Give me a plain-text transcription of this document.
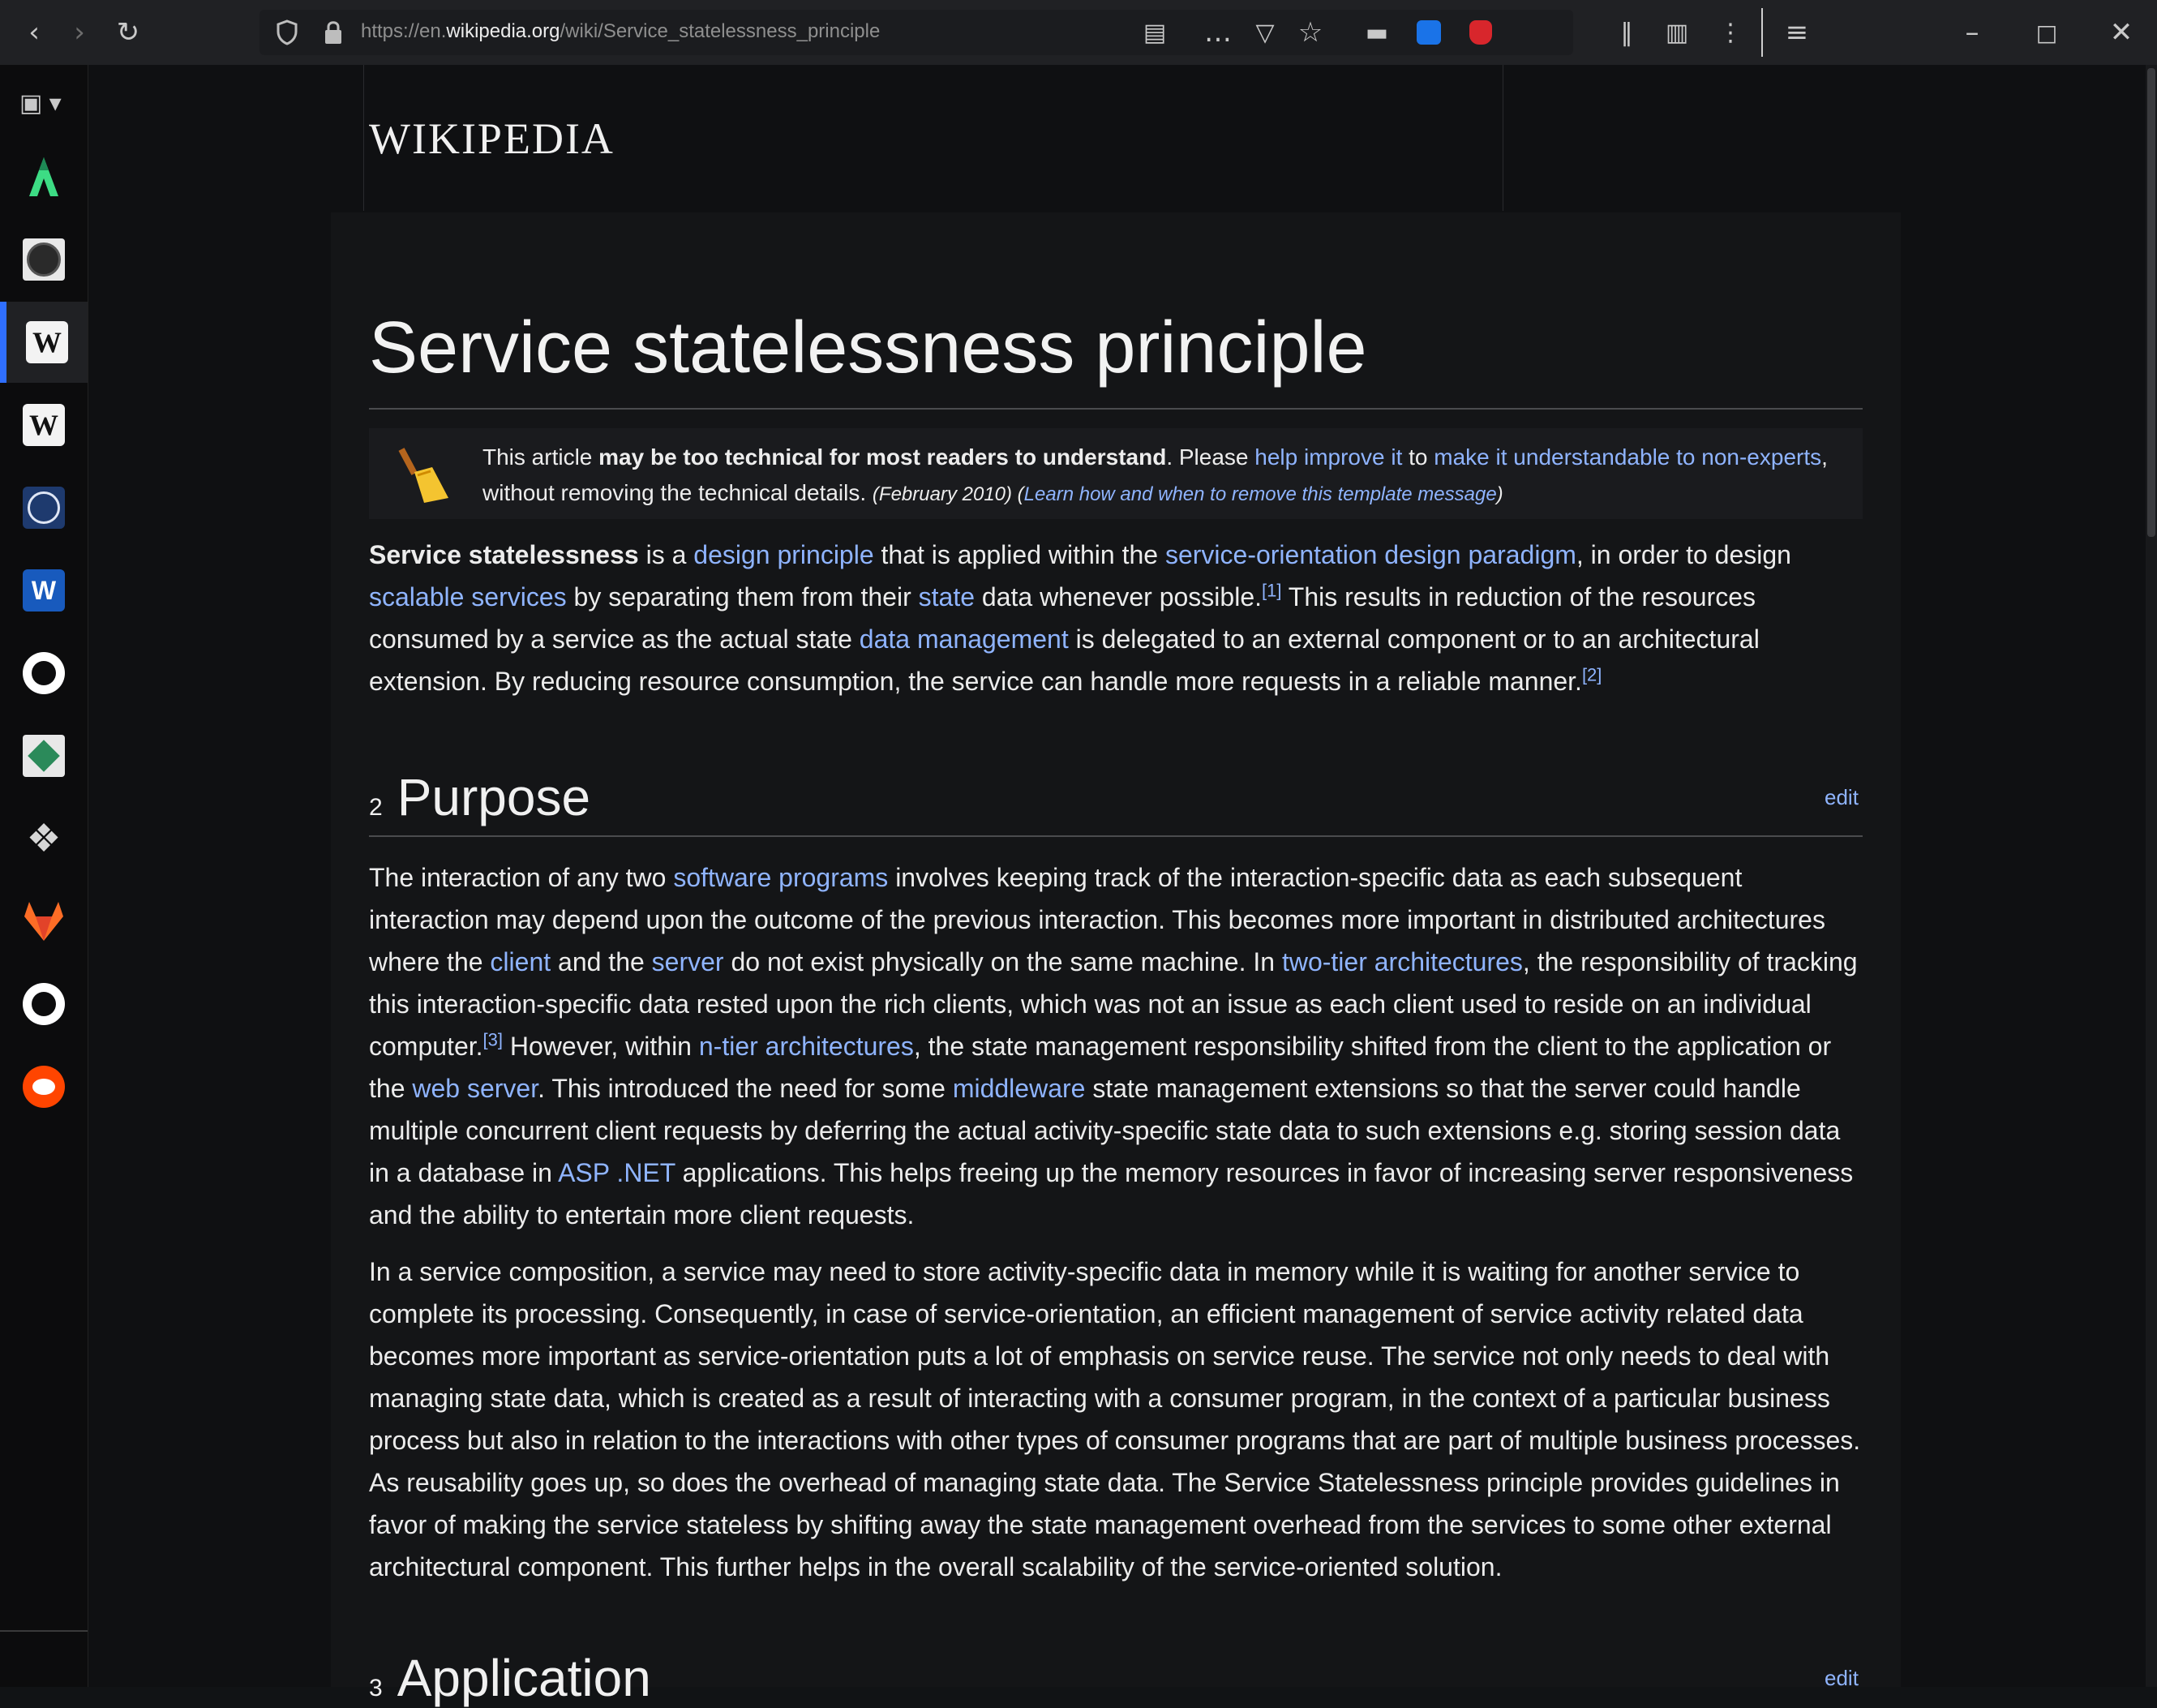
‹	›	↻	https://en.wikipedia.org/wiki/Service_statelessness_principle	▤	… ▽ ☆	▬	‖	▥	⋮	≡	–	□	✕
▣ ▾
W
W
W
❖
WIKIPEDIA
Service statelessness principle
This article may be too technical for most readers to understand. Please help improve it to make it understandable to non-experts, without removing the technical details. (February 2010) (Learn how and when to remove this template message)
Service statelessness is a design principle that is applied within the service-orientation design paradigm, in order to design scalable services by separating them from their state data whenever possible.[1] This results in reduction of the resources consumed by a service as the actual state data management is delegated to an external component or to an architectural extension. By reducing resource consumption, the service can handle more requests in a reliable manner.[2]
2 Purpose	edit
The interaction of any two software programs involves keeping track of the interaction-specific data as each subsequent interaction may depend upon the outcome of the previous interaction. This becomes more important in distributed architectures where the client and the server do not exist physically on the same machine. In two-tier architectures, the responsibility of tracking this interaction-specific data rested upon the rich clients, which was not an issue as each client used to reside on an individual computer.[3] However, within n-tier architectures, the state management responsibility shifted from the client to the application or the web server. This introduced the need for some middleware state management extensions so that the server could handle multiple concurrent client requests by deferring the actual activity-specific state data to such extensions e.g. storing session data in a database in ASP .NET applications. This helps freeing up the memory resources in favor of increasing server responsiveness and the ability to entertain more client requests.
In a service composition, a service may need to store activity-specific data in memory while it is waiting for another service to complete its processing. Consequently, in case of service-orientation, an efficient management of service activity related data becomes more important as service-orientation puts a lot of emphasis on service reuse. The service not only needs to deal with managing state data, which is created as a result of interacting with a consumer program, in the context of a particular business process but also in relation to the interactions with other types of consumer programs that are part of multiple business processes. As reusability goes up, so does the overhead of managing state data. The Service Statelessness principle provides guidelines in favor of making the service stateless by shifting away the state management overhead from the services to some other external architectural component. This further helps in the overall scalability of the service-oriented solution.
3 Application	edit
